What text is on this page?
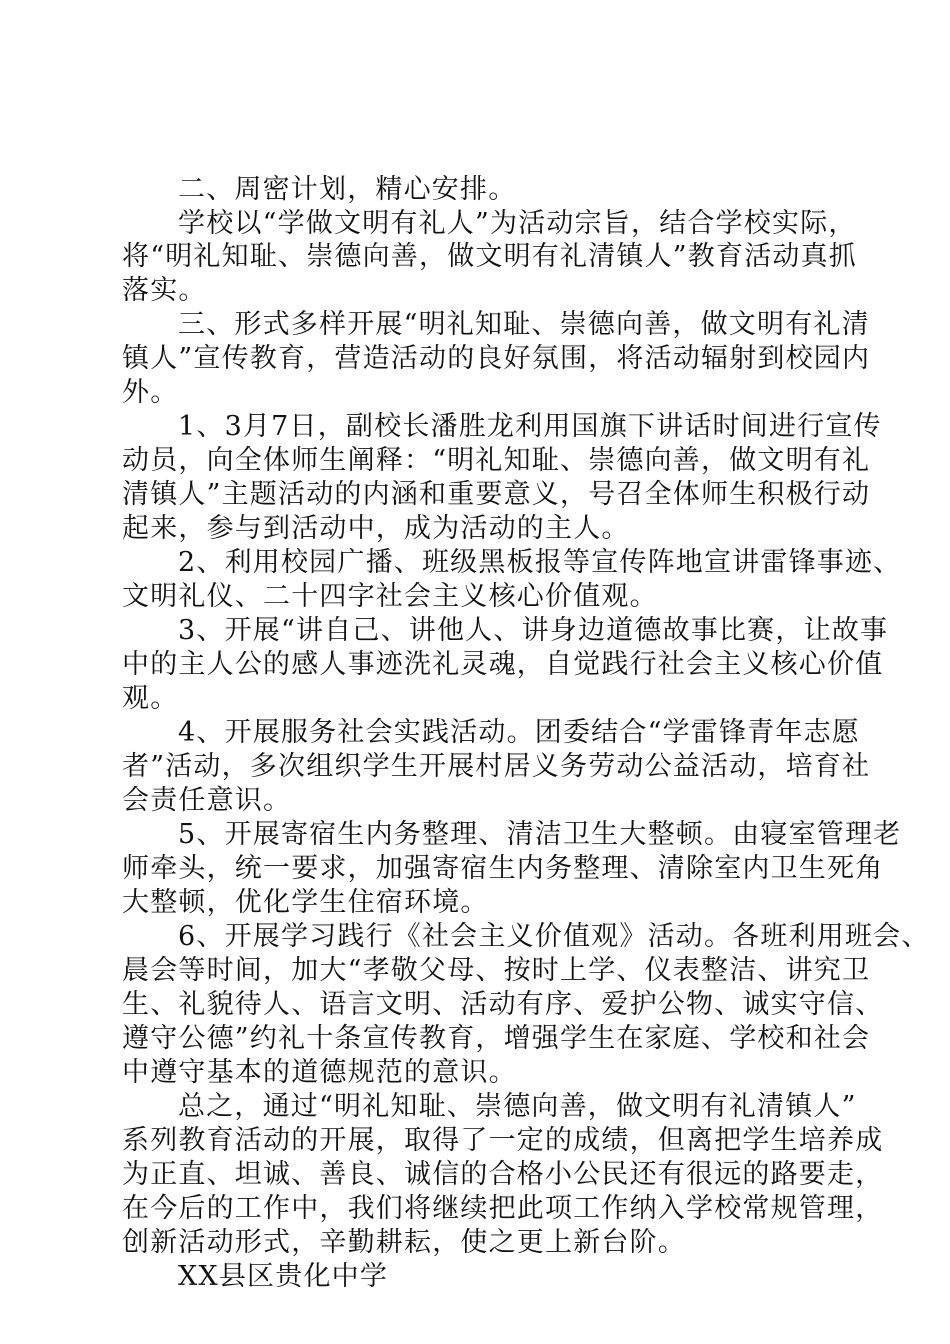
二、周密计划，精心安排。
学校以“学做文明有礼人”为活动宗旨，结合学校实际，
将“明礼知耻、崇德向善，做文明有礼清镇人”教育活动真抓
落实。
三、形式多样开展“明礼知耻、崇德向善，做文明有礼清
镇人”宣传教育，营造活动的良好氛围，将活动辐射到校园内
外。
1、3月7日，副校长潘胜龙利用国旗下讲话时间进行宣传
动员，向全体师生阐释：“明礼知耻、崇德向善，做文明有礼
清镇人”主题活动的内涵和重要意义，号召全体师生积极行动
起来，参与到活动中，成为活动的主人。
2、利用校园广播、班级黑板报等宣传阵地宣讲雷锋事迹、
文明礼仪、二十四字社会主义核心价值观。
3、开展“讲自己、讲他人、讲身边道德故事比赛，让故事
中的主人公的感人事迹洗礼灵魂，自觉践行社会主义核心价值
观。
4、开展服务社会实践活动。团委结合“学雷锋青年志愿
者”活动，多次组织学生开展村居义务劳动公益活动，培育社
会责任意识。
5、开展寄宿生内务整理、清洁卫生大整顿。由寝室管理老
师牵头，统一要求，加强寄宿生内务整理、清除室内卫生死角
大整顿，优化学生住宿环境。
6、开展学习践行《社会主义价值观》活动。各班利用班会、
晨会等时间，加大“孝敬父母、按时上学、仪表整洁、讲究卫
生、礼貌待人、语言文明、活动有序、爱护公物、诚实守信、
遵守公德”约礼十条宣传教育，增强学生在家庭、学校和社会
中遵守基本的道德规范的意识。
总之，通过“明礼知耻、崇德向善，做文明有礼清镇人”
系列教育活动的开展，取得了一定的成绩，但离把学生培养成
为正直、坦诚、善良、诚信的合格小公民还有很远的路要走，
在今后的工作中，我们将继续把此项工作纳入学校常规管理，
创新活动形式，辛勤耕耘，使之更上新台阶。
XX县区贵化中学
